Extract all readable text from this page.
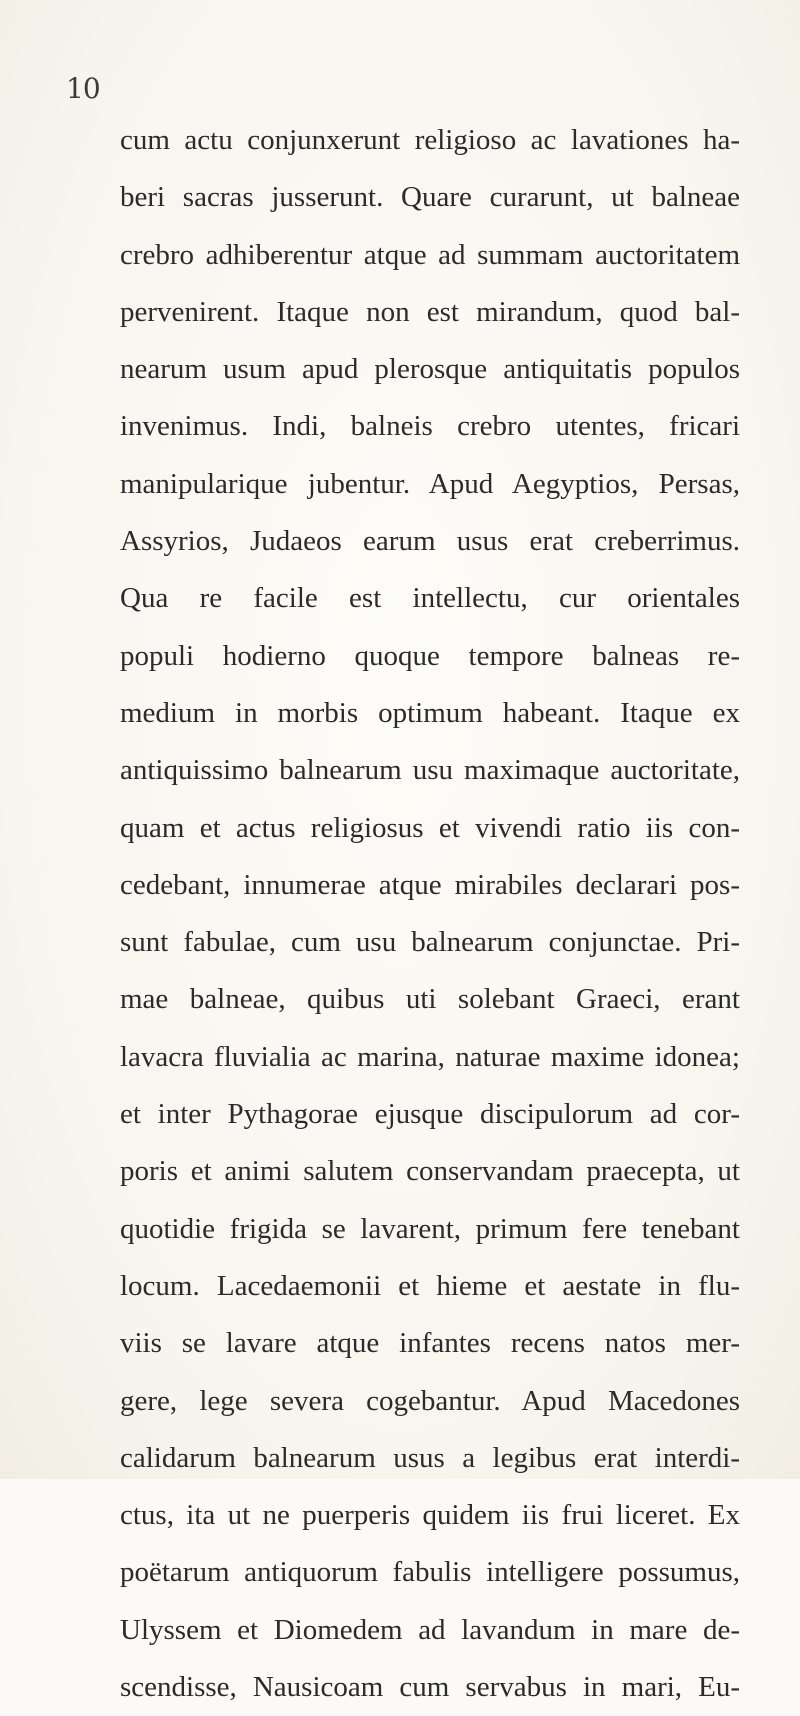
10
cum actu conjunxerunt religioso ac lavationes ha-
beri sacras jusserunt. Quare curarunt, ut balneae
crebro adhiberentur atque ad summam auctoritatem
pervenirent. Itaque non est mirandum, quod bal-
nearum usum apud plerosque antiquitatis populos
invenimus. Indi, balneis crebro utentes, fricari
manipularique jubentur. Apud Aegyptios, Persas,
Assyrios, Judaeos earum usus erat creberrimus.
Qua re facile est intellectu, cur orientales
populi hodierno quoque tempore balneas re-
medium in morbis optimum habeant. Itaque ex
antiquissimo balnearum usu maximaque auctoritate,
quam et actus religiosus et vivendi ratio iis con-
cedebant, innumerae atque mirabiles declarari pos-
sunt fabulae, cum usu balnearum conjunctae. Pri-
mae balneae, quibus uti solebant Graeci, erant
lavacra fluvialia ac marina, naturae maxime idonea;
et inter Pythagorae ejusque discipulorum ad cor-
poris et animi salutem conservandam praecepta, ut
quotidie frigida se lavarent, primum fere tenebant
locum. Lacedaemonii et hieme et aestate in flu-
viis se lavare atque infantes recens natos mer-
gere, lege severa cogebantur. Apud Macedones
calidarum balnearum usus a legibus erat interdi-
ctus, ita ut ne puerperis quidem iis frui liceret. Ex
poëtarum antiquorum fabulis intelligere possumus,
Ulyssem et Diomedem ad lavandum in mare de-
scendisse, Nausicoam cum servabus in mari, Eu-
